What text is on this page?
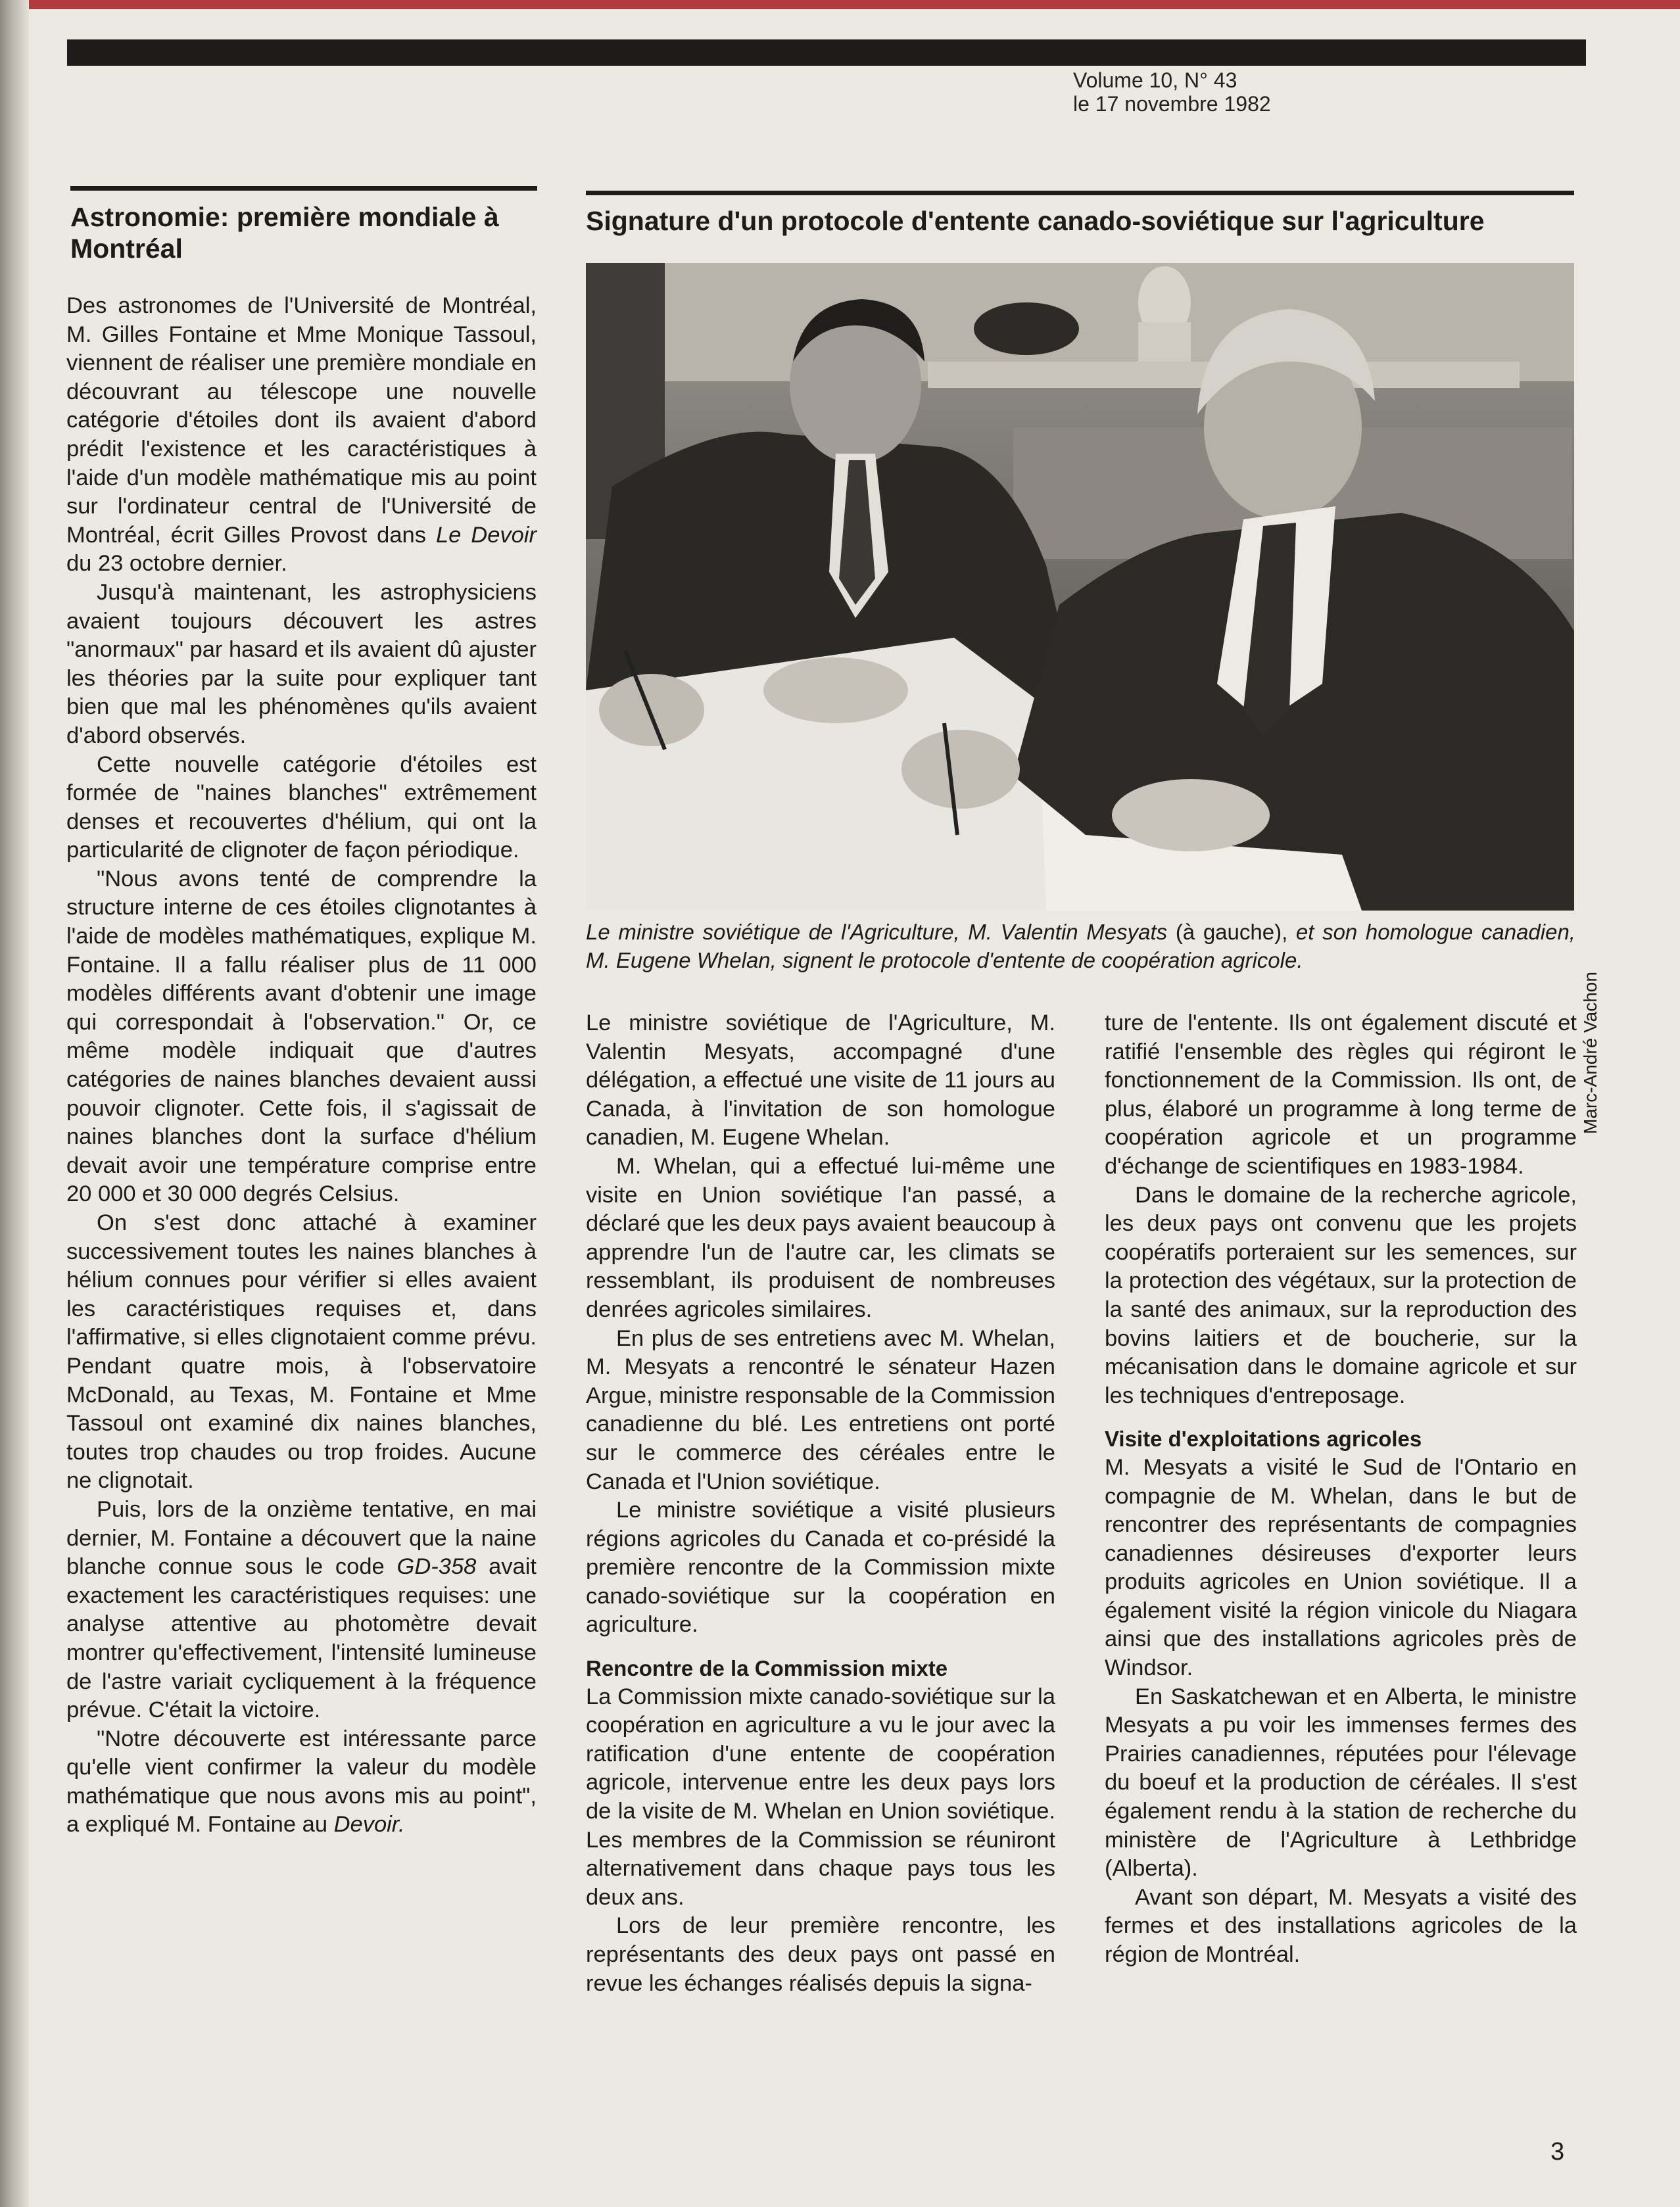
Volume 10, N° 43
le 17 novembre 1982
Astronomie: première mondiale à
Montréal

Des astronomes de l'Université de Montréal, M. Gilles Fontaine et Mme Monique Tassoul, viennent de réaliser une première mondiale en découvrant au télescope une nouvelle catégorie d'étoiles dont ils avaient d'abord prédit l'existence et les caractéristiques à l'aide d'un modèle mathématique mis au point sur l'ordinateur central de l'Université de Montréal, écrit Gilles Provost dans Le Devoir du 23 octobre dernier.

Jusqu'à maintenant, les astrophysiciens avaient toujours découvert les astres "anormaux" par hasard et ils avaient dû ajuster les théories par la suite pour expliquer tant bien que mal les phénomènes qu'ils avaient d'abord observés.

Cette nouvelle catégorie d'étoiles est formée de "naines blanches" extrêmement denses et recouvertes d'hélium, qui ont la particularité de clignoter de façon périodique.

"Nous avons tenté de comprendre la structure interne de ces étoiles clignotantes à l'aide de modèles mathématiques, explique M. Fontaine. Il a fallu réaliser plus de 11 000 modèles différents avant d'obtenir une image qui correspondait à l'observation." Or, ce même modèle indiquait que d'autres catégories de naines blanches devaient aussi pouvoir clignoter. Cette fois, il s'agissait de naines blanches dont la surface d'hélium devait avoir une température comprise entre 20 000 et 30 000 degrés Celsius.

On s'est donc attaché à examiner successivement toutes les naines blanches à hélium connues pour vérifier si elles avaient les caractéristiques requises et, dans l'affirmative, si elles clignotaient comme prévu. Pendant quatre mois, à l'observatoire McDonald, au Texas, M. Fontaine et Mme Tassoul ont examiné dix naines blanches, toutes trop chaudes ou trop froides. Aucune ne clignotait.

Puis, lors de la onzième tentative, en mai dernier, M. Fontaine a découvert que la naine blanche connue sous le code GD-358 avait exactement les caractéristiques requises: une analyse attentive au photomètre devait montrer qu'effectivement, l'intensité lumineuse de l'astre variait cycliquement à la fréquence prévue. C'était la victoire.

"Notre découverte est intéressante parce qu'elle vient confirmer la valeur du modèle mathématique que nous avons mis au point", a expliqué M. Fontaine au Devoir.

Signature d'un protocole d'entente canado-soviétique sur l'agriculture
Marc-André Vachon
Le ministre soviétique de l'Agriculture, M. Valentin Mesyats (à gauche), et son homologue canadien, M. Eugene Whelan, signent le protocole d'entente de coopération agricole.

Le ministre soviétique de l'Agriculture, M. Valentin Mesyats, accompagné d'une délégation, a effectué une visite de 11 jours au Canada, à l'invitation de son homologue canadien, M. Eugene Whelan.

M. Whelan, qui a effectué lui-même une visite en Union soviétique l'an passé, a déclaré que les deux pays avaient beaucoup à apprendre l'un de l'autre car, les climats se ressemblant, ils produisent de nombreuses denrées agricoles similaires.

En plus de ses entretiens avec M. Whelan, M. Mesyats a rencontré le sénateur Hazen Argue, ministre responsable de la Commission canadienne du blé. Les entretiens ont porté sur le commerce des céréales entre le Canada et l'Union soviétique.

Le ministre soviétique a visité plusieurs régions agricoles du Canada et co-présidé la première rencontre de la Commission mixte canado-soviétique sur la coopération en agriculture.

Rencontre de la Commission mixte

La Commission mixte canado-soviétique sur la coopération en agriculture a vu le jour avec la ratification d'une entente de coopération agricole, intervenue entre les deux pays lors de la visite de M. Whelan en Union soviétique. Les membres de la Commission se réuniront alternativement dans chaque pays tous les deux ans.

Lors de leur première rencontre, les représentants des deux pays ont passé en revue les échanges réalisés depuis la signa-

ture de l'entente. Ils ont également discuté et ratifié l'ensemble des règles qui régiront le fonctionnement de la Commission. Ils ont, de plus, élaboré un programme à long terme de coopération agricole et un programme d'échange de scientifiques en 1983-1984.

Dans le domaine de la recherche agricole, les deux pays ont convenu que les projets coopératifs porteraient sur les semences, sur la protection des végétaux, sur la protection de la santé des animaux, sur la reproduction des bovins laitiers et de boucherie, sur la mécanisation dans le domaine agricole et sur les techniques d'entreposage.

Visite d'exploitations agricoles

M. Mesyats a visité le Sud de l'Ontario en compagnie de M. Whelan, dans le but de rencontrer des représentants de compagnies canadiennes désireuses d'exporter leurs produits agricoles en Union soviétique. Il a également visité la région vinicole du Niagara ainsi que des installations agricoles près de Windsor.

En Saskatchewan et en Alberta, le ministre Mesyats a pu voir les immenses fermes des Prairies canadiennes, réputées pour l'élevage du boeuf et la production de céréales. Il s'est également rendu à la station de recherche du ministère de l'Agriculture à Lethbridge (Alberta).

Avant son départ, M. Mesyats a visité des fermes et des installations agricoles de la région de Montréal.

3
